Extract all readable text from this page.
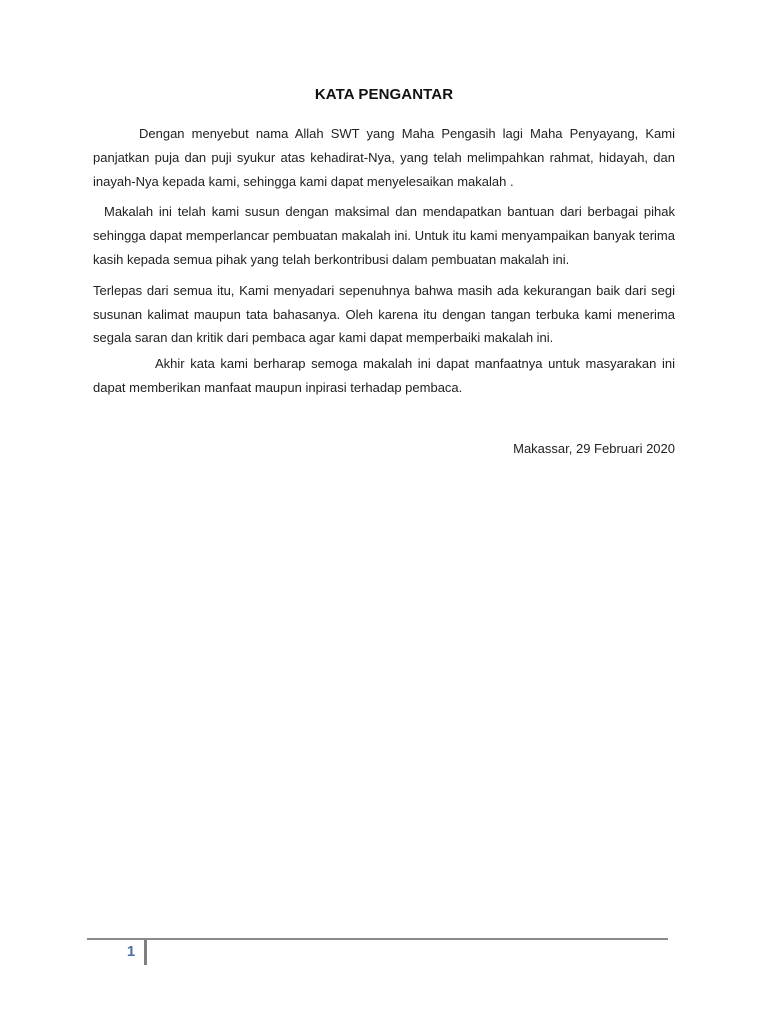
KATA PENGANTAR

Dengan menyebut nama Allah SWT yang Maha Pengasih lagi Maha Penyayang, Kami panjatkan puja dan puji syukur atas kehadirat-Nya, yang telah melimpahkan rahmat, hidayah, dan inayah-Nya kepada kami, sehingga kami dapat menyelesaikan makalah .

Makalah ini telah kami susun dengan maksimal dan mendapatkan bantuan dari berbagai pihak sehingga dapat memperlancar pembuatan makalah ini. Untuk itu kami menyampaikan banyak terima kasih kepada semua pihak yang telah berkontribusi dalam pembuatan makalah ini.

Terlepas dari semua itu, Kami menyadari sepenuhnya bahwa masih ada kekurangan baik dari segi susunan kalimat maupun tata bahasanya. Oleh karena itu dengan tangan terbuka kami menerima segala saran dan kritik dari pembaca agar kami dapat memperbaiki makalah ini.

Akhir kata kami berharap semoga makalah ini dapat manfaatnya untuk masyarakan ini dapat memberikan manfaat maupun inpirasi terhadap pembaca.

Makassar, 29 Februari 2020
1
